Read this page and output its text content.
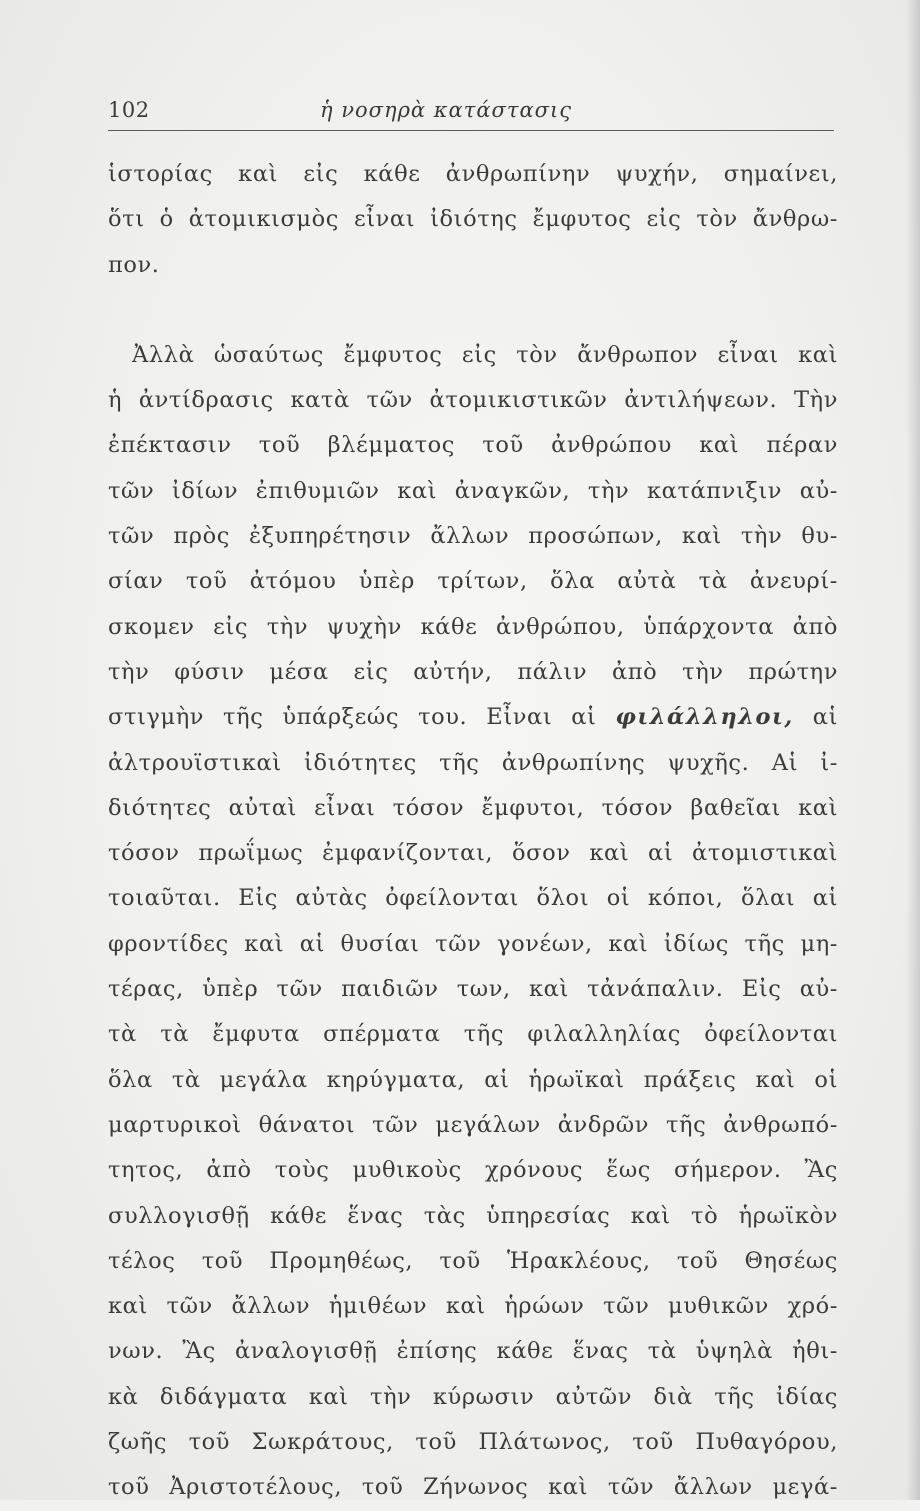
102	ἡ νοσηρὰ κατάστασις
ἱστορίας καὶ εἰς κάθε ἀνθρωπίνην ψυχήν, σημαίνει,
ὅτι ὁ ἀτομικισμὸς εἶναι ἰδιότης ἔμφυτος εἰς τὸν ἄνθρω-
πον.
Ἀλλὰ ὡσαύτως ἔμφυτος εἰς τὸν ἄνθρωπον εἶναι καὶ
ἡ ἀντίδρασις κατὰ τῶν ἀτομικιστικῶν ἀντιλήψεων. Τὴν
ἐπέκτασιν τοῦ βλέμματος τοῦ ἀνθρώπου καὶ πέραν
τῶν ἰδίων ἐπιθυμιῶν καὶ ἀναγκῶν, τὴν κατάπνιξιν αὐ-
τῶν πρὸς ἐξυπηρέτησιν ἄλλων προσώπων, καὶ τὴν θυ-
σίαν τοῦ ἀτόμου ὑπὲρ τρίτων, ὅλα αὐτὰ τὰ ἀνευρί-
σκομεν εἰς τὴν ψυχὴν κάθε ἀνθρώπου, ὑπάρχοντα ἀπὸ
τὴν φύσιν μέσα εἰς αὐτήν, πάλιν ἀπὸ τὴν πρώτην
στιγμὴν τῆς ὑπάρξεώς του. Εἶναι αἱ φιλάλληλοι, αἱ
ἀλτρουϊστικαὶ ἰδιότητες τῆς ἀνθρωπίνης ψυχῆς. Αἱ ἰ-
διότητες αὐταὶ εἶναι τόσον ἔμφυτοι, τόσον βαθεῖαι καὶ
τόσον πρωΐμως ἐμφανίζονται, ὅσον καὶ αἱ ἀτομιστικαὶ
τοιαῦται. Εἰς αὐτὰς ὀφείλονται ὅλοι οἱ κόποι, ὅλαι αἱ
φροντίδες καὶ αἱ θυσίαι τῶν γονέων, καὶ ἰδίως τῆς μη-
τέρας, ὑπὲρ τῶν παιδιῶν των, καὶ τἀνάπαλιν. Εἰς αὐ-
τὰ τὰ ἔμφυτα σπέρματα τῆς φιλαλληλίας ὀφείλονται
ὅλα τὰ μεγάλα κηρύγματα, αἱ ἡρωϊκαὶ πράξεις καὶ οἱ
μαρτυρικοὶ θάνατοι τῶν μεγάλων ἀνδρῶν τῆς ἀνθρωπό-
τητος, ἀπὸ τοὺς μυθικοὺς χρόνους ἕως σήμερον. Ἂς
συλλογισθῇ κάθε ἕνας τὰς ὑπηρεσίας καὶ τὸ ἡρωϊκὸν
τέλος τοῦ Προμηθέως, τοῦ Ἡρακλέους, τοῦ Θησέως
καὶ τῶν ἄλλων ἡμιθέων καὶ ἡρώων τῶν μυθικῶν χρό-
νων. Ἂς ἀναλογισθῇ ἐπίσης κάθε ἕνας τὰ ὑψηλὰ ἠθι-
κὰ διδάγματα καὶ τὴν κύρωσιν αὐτῶν διὰ τῆς ἰδίας
ζωῆς τοῦ Σωκράτους, τοῦ Πλάτωνος, τοῦ Πυθαγόρου,
τοῦ Ἀριστοτέλους, τοῦ Ζήνωνος καὶ τῶν ἄλλων μεγά-
